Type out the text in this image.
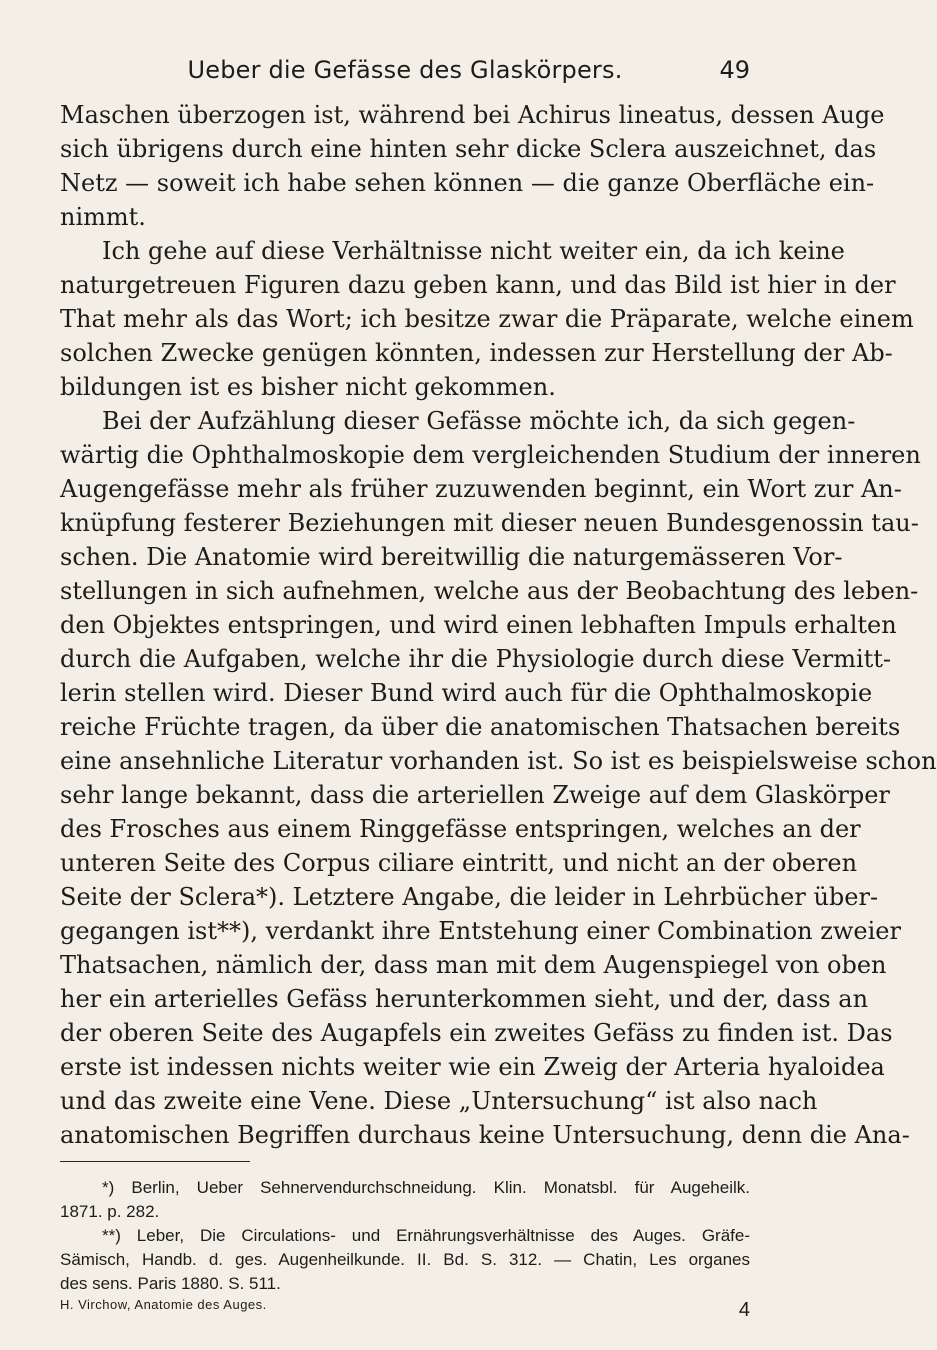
Ueber die Gefässe des Glaskörpers.	49
Maschen überzogen ist, während bei Achirus lineatus, dessen Auge
sich übrigens durch eine hinten sehr dicke Sclera auszeichnet, das
Netz — soweit ich habe sehen können — die ganze Oberfläche ein-
nimmt.
Ich gehe auf diese Verhältnisse nicht weiter ein, da ich keine
naturgetreuen Figuren dazu geben kann, und das Bild ist hier in der
That mehr als das Wort; ich besitze zwar die Präparate, welche einem
solchen Zwecke genügen könnten, indessen zur Herstellung der Ab-
bildungen ist es bisher nicht gekommen.
Bei der Aufzählung dieser Gefässe möchte ich, da sich gegen-
wärtig die Ophthalmoskopie dem vergleichenden Studium der inneren
Augengefässe mehr als früher zuzuwenden beginnt, ein Wort zur An-
knüpfung festerer Beziehungen mit dieser neuen Bundesgenossin tau-
schen. Die Anatomie wird bereitwillig die naturgemässeren Vor-
stellungen in sich aufnehmen, welche aus der Beobachtung des leben-
den Objektes entspringen, und wird einen lebhaften Impuls erhalten
durch die Aufgaben, welche ihr die Physiologie durch diese Vermitt-
lerin stellen wird. Dieser Bund wird auch für die Ophthalmoskopie
reiche Früchte tragen, da über die anatomischen Thatsachen bereits
eine ansehnliche Literatur vorhanden ist. So ist es beispielsweise schon
sehr lange bekannt, dass die arteriellen Zweige auf dem Glaskörper
des Frosches aus einem Ringgefässe entspringen, welches an der
unteren Seite des Corpus ciliare eintritt, und nicht an der oberen
Seite der Sclera*). Letztere Angabe, die leider in Lehrbücher über-
gegangen ist**), verdankt ihre Entstehung einer Combination zweier
Thatsachen, nämlich der, dass man mit dem Augenspiegel von oben
her ein arterielles Gefäss herunterkommen sieht, und der, dass an
der oberen Seite des Augapfels ein zweites Gefäss zu finden ist. Das
erste ist indessen nichts weiter wie ein Zweig der Arteria hyaloidea
und das zweite eine Vene. Diese „Untersuchung“ ist also nach
anatomischen Begriffen durchaus keine Untersuchung, denn die Ana-
*) Berlin, Ueber Sehnervendurchschneidung. Klin. Monatsbl. für Augeheilk.
1871. p. 282.
**) Leber, Die Circulations- und Ernährungsverhältnisse des Auges. Gräfe-
Sämisch, Handb. d. ges. Augenheilkunde. II. Bd. S. 312. — Chatin, Les organes
des sens. Paris 1880. S. 511.
H. Virchow, Anatomie des Auges.	4
